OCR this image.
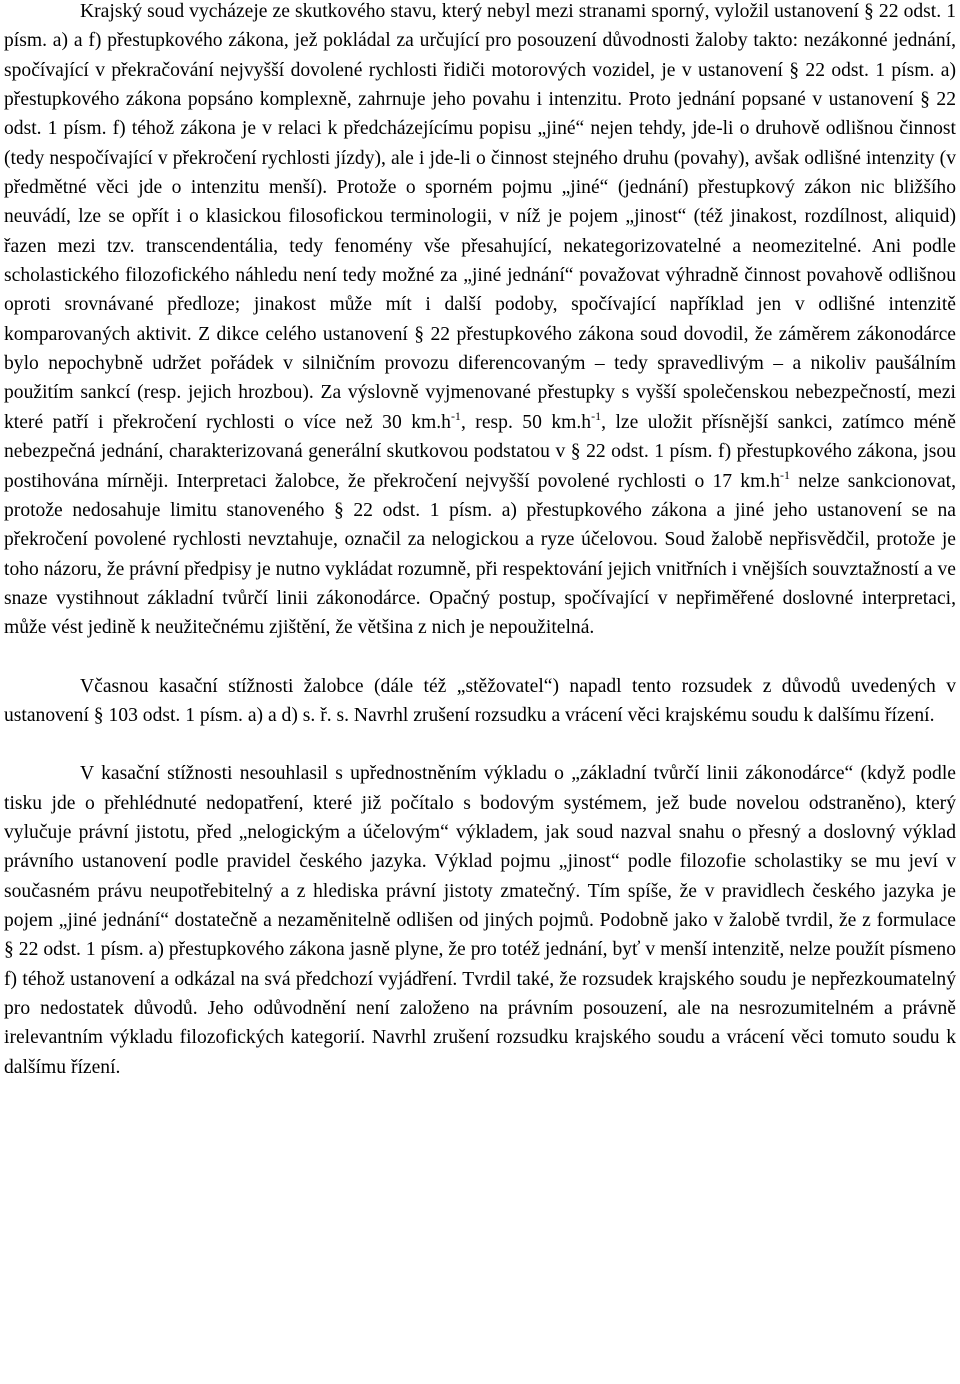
Krajský soud vycházeje ze skutkového stavu, který nebyl mezi stranami sporný, vyložil ustanovení § 22 odst. 1 písm. a) a f) přestupkového zákona, jež pokládal za určující pro posouzení důvodnosti žaloby takto: nezákonné jednání, spočívající v překračování nejvyšší dovolené rychlosti řidiči motorových vozidel, je v ustanovení § 22 odst. 1 písm. a) přestupkového zákona popsáno komplexně, zahrnuje jeho povahu i intenzitu. Proto jednání popsané v ustanovení § 22 odst. 1 písm. f) téhož zákona je v relaci k předcházejícímu popisu „jiné“ nejen tehdy, jde-li o druhově odlišnou činnost (tedy nespočívající v překročení rychlosti jízdy), ale i jde-li o činnost stejného druhu (povahy), avšak odlišné intenzity (v předmětné věci jde o intenzitu menší). Protože o sporném pojmu „jiné“ (jednání) přestupkový zákon nic bližšího neuvádí, lze se opřít i o klasickou filosofickou terminologii, v níž je pojem „jinost“ (též jinakost, rozdílnost, aliquid) řazen mezi tzv. transcendentália, tedy fenomény vše přesahující, nekategorizovatelné a neomezitelné. Ani podle scholastického filozofického náhledu není tedy možné za „jiné jednání“ považovat výhradně činnost povahově odlišnou oproti srovnávané předloze; jinakost může mít i další podoby, spočívající například jen v odlišné intenzitě komparovaných aktivit. Z dikce celého ustanovení § 22 přestupkového zákona soud dovodil, že záměrem zákonodárce bylo nepochybně udržet pořádek v silničním provozu diferencovaným – tedy spravedlivým – a nikoliv paušálním použitím sankcí (resp. jejich hrozbou). Za výslovně vyjmenované přestupky s vyšší společenskou nebezpečností, mezi které patří i překročení rychlosti o více než 30 $km.h^{-1}$, resp. 50 $km.h^{-1}$, lze uložit přísnější sankci, zatímco méně nebezpečná jednání, charakterizovaná generální skutkovou podstatou v § 22 odst. 1 písm. f) přestupkového zákona, jsou postihována mírněji. Interpretaci žalobce, že překročení nejvyšší povolené rychlosti o 17 $km.h^{-1}$ nelze sankcionovat, protože nedosahuje limitu stanoveného § 22 odst. 1 písm. a) přestupkového zákona a jiné jeho ustanovení se na překročení povolené rychlosti nevztahuje, označil za nelogickou a ryze účelovou. Soud žalobě nepřisvědčil, protože je toho názoru, že právní předpisy je nutno vykládat rozumně, při respektování jejich vnitřních i vnějších souvztažností a ve snaze vystihnout základní tvůrčí linii zákonodárce. Opačný postup, spočívající v nepřiměřené doslovné interpretaci, může vést jedině k neužitečnému zjištění, že většina z nich je nepoužitelná.

Včasnou kasační stížnosti žalobce (dále též „stěžovatel“) napadl tento rozsudek z důvodů uvedených v ustanovení § 103 odst. 1 písm. a) a d) s. ř. s. Navrhl zrušení rozsudku a vrácení věci krajskému soudu k dalšímu řízení.

V kasační stížnosti nesouhlasil s upřednostněním výkladu o „základní tvůrčí linii zákonodárce“ (když podle tisku jde o přehlédnuté nedopatření, které již počítalo s bodovým systémem, jež bude novelou odstraněno), který vylučuje právní jistotu, před „nelogickým a účelovým“ výkladem, jak soud nazval snahu o přesný a doslovný výklad právního ustanovení podle pravidel českého jazyka. Výklad pojmu „jinost“ podle filozofie scholastiky se mu jeví v současném právu neupotřebitelný a z hlediska právní jistoty zmatečný. Tím spíše, že v pravidlech českého jazyka je pojem „jiné jednání“ dostatečně a nezaměnitelně odlišen od jiných pojmů. Podobně jako v žalobě tvrdil, že z formulace § 22 odst. 1 písm. a) přestupkového zákona jasně plyne, že pro totéž jednání, byť v menší intenzitě, nelze použít písmeno f) téhož ustanovení a odkázal na svá předchozí vyjádření. Tvrdil také, že rozsudek krajského soudu je nepřezkoumatelný pro nedostatek důvodů. Jeho odůvodnění není založeno na právním posouzení, ale na nesrozumitelném a právně irelevantním výkladu filozofických kategorií. Navrhl zrušení rozsudku krajského soudu a vrácení věci tomuto soudu k dalšímu řízení.
